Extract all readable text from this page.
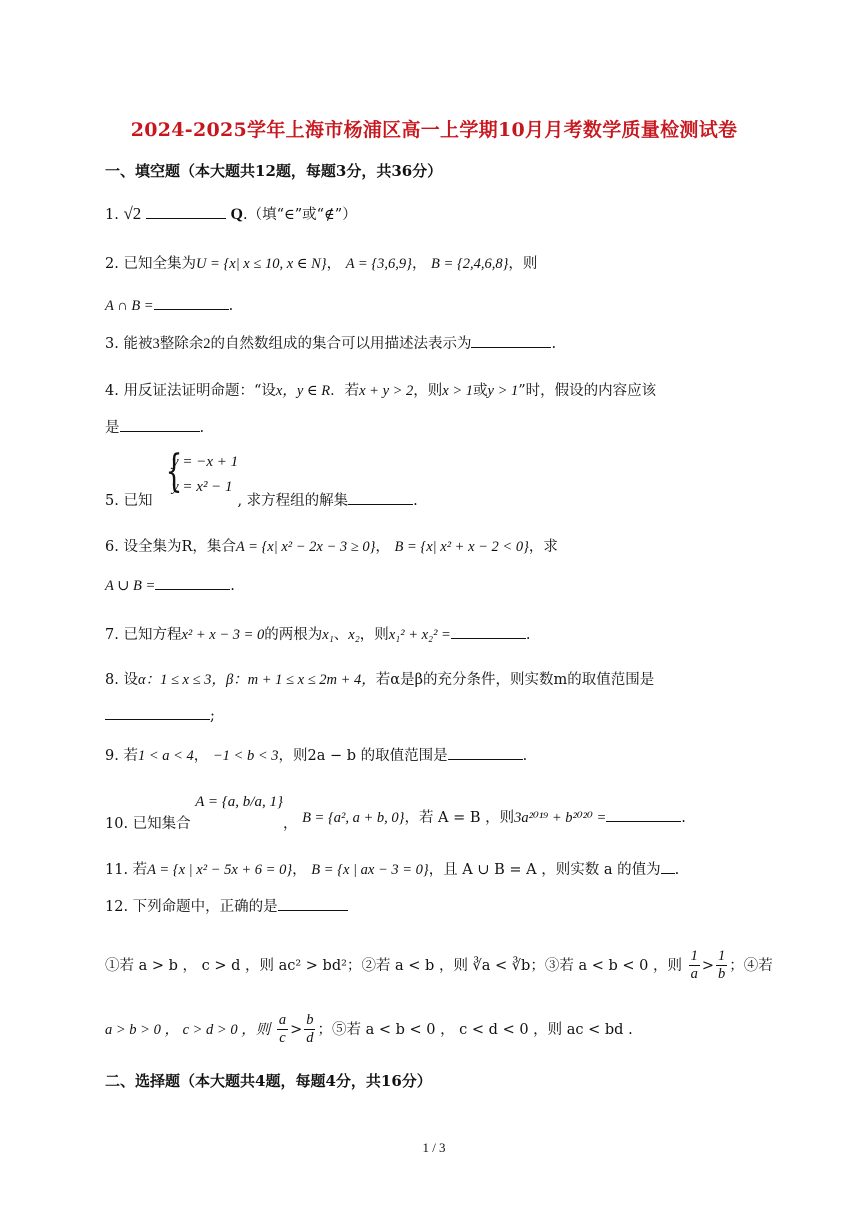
2024-2025学年上海市杨浦区高一上学期10月月考数学质量检测试卷
一、填空题（本大题共12题，每题3分，共36分）
1. √2	Q.（填“∈”或“∉”）
2. 已知全集为U = {x| x ≤ 10, x ∈ N}， A = {3,6,9}， B = {2,4,6,8}，则
A ∩ B =	.
3. 能被3整除余2的自然数组成的集合可以用描述法表示为	.
4. 用反证法证明命题：“设x，y ∈ R．若x + y > 2，则x > 1或y > 1”时，假设的内容应该
是	.
{
y = −x + 1
y = x² − 1
5. 已知	, 求方程组的解集	.
6. 设全集为R，集合A = {x| x² − 2x − 3 ≥ 0}， B = {x| x² + x − 2 < 0}，求
A ∪ B =	.
7. 已知方程x² + x − 3 = 0的两根为x₁、x₂，则x₁² + x₂² =	.
8. 设α：1 ≤ x ≤ 3，β：m + 1 ≤ x ≤ 2m + 4，若α是β的充分条件，则实数m的取值范围是
;
9. 若1 < a < 4， −1 < b < 3，则2a − b 的取值范围是	.
10. 已知集合 A = {a, b/a, 1}， B = {a², a + b, 0}，若 A = B ，则3a²⁰¹⁹ + b²⁰²⁰ =	.
11. 若A = {x | x² − 5x + 6 = 0}， B = {x | ax − 3 = 0}，且 A ∪ B = A ，则实数 a 的值为 .
12. 下列命题中，正确的是
①若 a > b ， c > d ，则 ac² > bd²；②若 a < b ，则 ∛a < ∛b；③若 a < b < 0 ，则 $\frac{1}{a} > \frac{1}{b}$ ；④若
a > b > 0 ， c > d > 0 ，则 $\frac{a}{c} > \frac{b}{d}$ ；⑤若 a < b < 0 ， c < d < 0 ，则 ac < bd .
二、选择题（本大题共4题，每题4分，共16分）
1 / 3
